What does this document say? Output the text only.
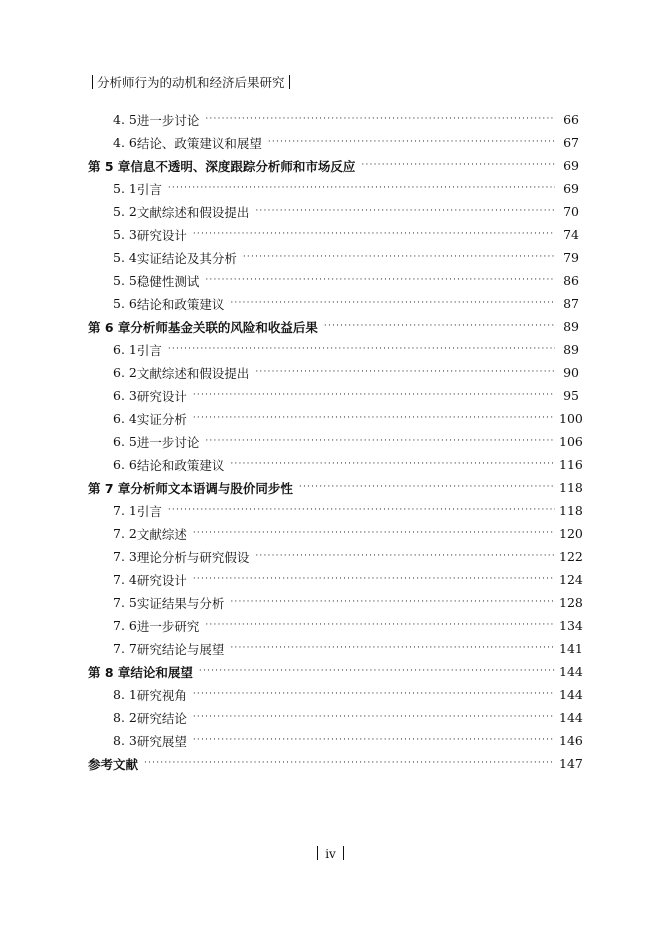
分析师行为的动机和经济后果研究
4. 5 进一步讨论 ·····	66
4. 6 结论、政策建议和展望 ·····	67
第 5 章 信息不透明、深度跟踪分析师和市场反应 ·····	69
5. 1 引言 ·····	69
5. 2 文献综述和假设提出 ·····	70
5. 3 研究设计 ·····	74
5. 4 实证结论及其分析 ·····	79
5. 5 稳健性测试 ·····	86
5. 6 结论和政策建议 ·····	87
第 6 章 分析师基金关联的风险和收益后果 ·····	89
6. 1 引言 ·····	89
6. 2 文献综述和假设提出 ·····	90
6. 3 研究设计 ·····	95
6. 4 实证分析 ·····	100
6. 5 进一步讨论 ·····	106
6. 6 结论和政策建议 ·····	116
第 7 章 分析师文本语调与股价同步性 ·····	118
7. 1 引言 ·····	118
7. 2 文献综述 ·····	120
7. 3 理论分析与研究假设 ·····	122
7. 4 研究设计 ·····	124
7. 5 实证结果与分析 ·····	128
7. 6 进一步研究 ·····	134
7. 7 研究结论与展望 ·····	141
第 8 章 结论和展望 ·····	144
8. 1 研究视角 ·····	144
8. 2 研究结论 ·····	144
8. 3 研究展望 ·····	146
参考文献 ·····	147
iv
